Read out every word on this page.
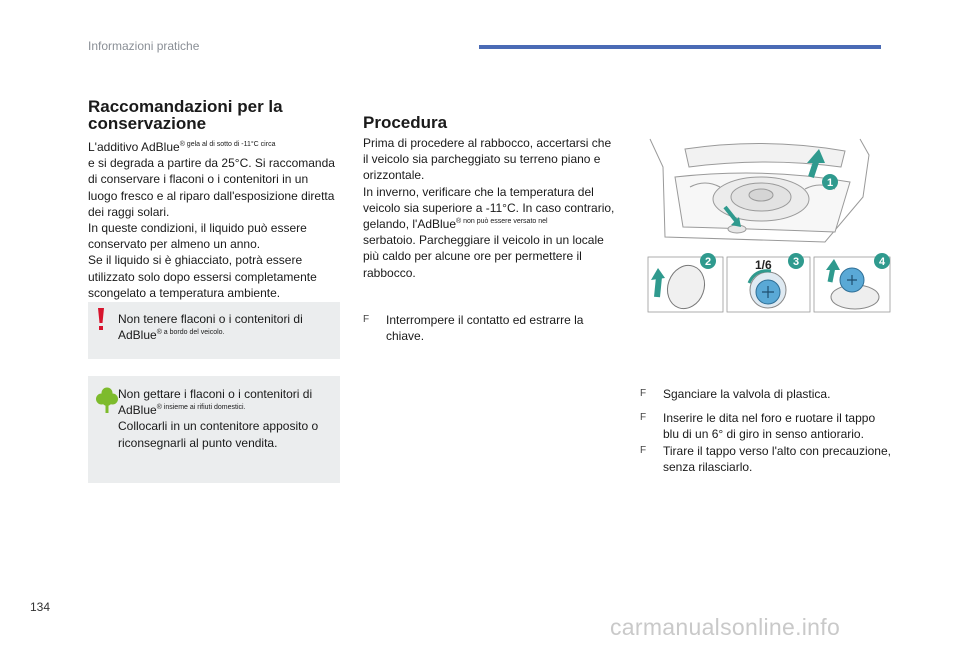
Informazioni pratiche
Raccomandazioni per la
conservazione

L'additivo AdBlue$^{® gela al di sotto di -11^\circ C circa}$

e si degrada a partire da 25°C. Si raccomanda

di conservare i flaconi o i contenitori in un

luogo fresco e al riparo dall'esposizione diretta

dei raggi solari.

In queste condizioni, il liquido può essere

conservato per almeno un anno.

Se il liquido si è ghiacciato, potrà essere

utilizzato solo dopo essersi completamente

scongelato a temperatura ambiente.

Non tenere flaconi o i contenitori di
AdBlue$^{® a bordo del veicolo.}$
Non gettare i flaconi o i contenitori di
AdBlue$^{® insieme ai rifiuti domestici.}$
Collocarli in un contenitore apposito o
riconsegnarli al punto vendita.
Procedura

Prima di procedere al rabbocco, accertarsi che

il veicolo sia parcheggiato su terreno piano e

orizzontale.

In inverno, verificare che la temperatura del

veicolo sia superiore a -11°C. In caso contrario,

gelando, l'AdBlue$^{® non può essere versato nel}$

serbatoio. Parcheggiare il veicolo in un locale

più caldo per alcune ore per permettere il

rabbocco.

F Interrompere il contatto ed estrarre la
chiave.
1
2	1/6 3	4
F Sganciare la valvola di plastica.
F Inserire le dita nel foro e ruotare il tappo
blu di un 6° di giro in senso antiorario.
F Tirare il tappo verso l'alto con precauzione,
senza rilasciarlo.
134
carmanualsonline.info
